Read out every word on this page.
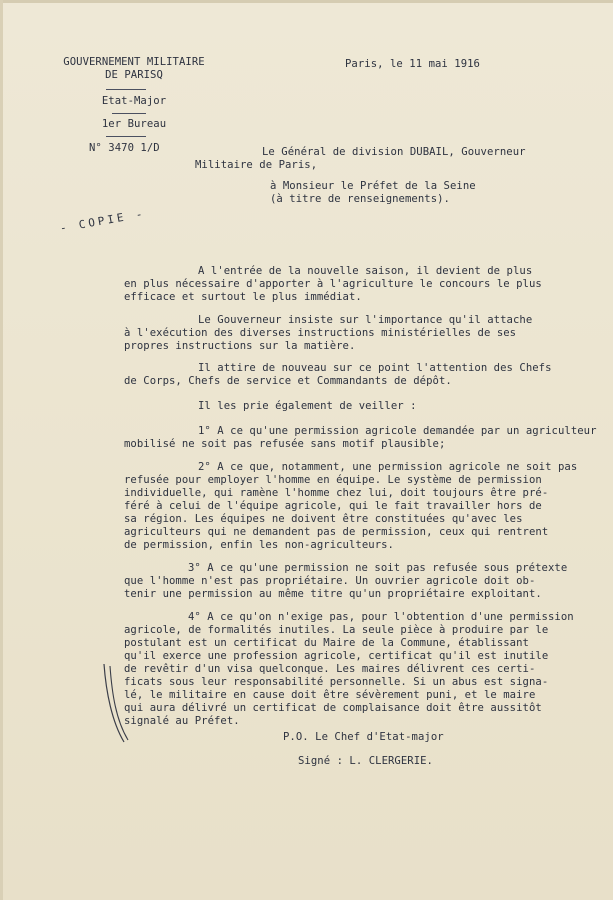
GOUVERNEMENT MILITAIRE
DE PARISQ
Etat-Major
1er Bureau
N° 3470 1/D
Paris, le 11 mai 1916
Le Général de division DUBAIL, Gouverneur
Militaire de Paris,
à Monsieur le Préfet de la Seine
(à titre de renseignements).
- COPIE -
A l'entrée de la nouvelle saison, il devient de plus
en plus nécessaire d'apporter à l'agriculture le concours le plus
efficace et surtout le plus immédiat.
Le Gouverneur insiste sur l'importance qu'il attache
à l'exécution des diverses instructions ministérielles de ses
propres instructions sur la matière.
Il attire de nouveau sur ce point l'attention des Chefs
de Corps, Chefs de service et Commandants de dépôt.
Il les prie également de veiller :
1° A ce qu'une permission agricole demandée par un agriculteur
mobilisé ne soit pas refusée sans motif plausible;
2° A ce que, notamment, une permission agricole ne soit pas
refusée pour employer l'homme en équipe. Le système de permission
individuelle, qui ramène l'homme chez lui, doit toujours être pré-
féré à celui de l'équipe agricole, qui le fait travailler hors de
sa région. Les équipes ne doivent être constituées qu'avec les
agriculteurs qui ne demandent pas de permission, ceux qui rentrent
de permission, enfin les non-agriculteurs.
3° A ce qu'une permission ne soit pas refusée sous prétexte
que l'homme n'est pas propriétaire. Un ouvrier agricole doit ob-
tenir une permission au même titre qu'un propriétaire exploitant.
4° A ce qu'on n'exige pas, pour l'obtention d'une permission
agricole, de formalités inutiles. La seule pièce à produire par le
postulant est un certificat du Maire de la Commune, établissant
qu'il exerce une profession agricole, certificat qu'il est inutile
de revêtir d'un visa quelconque. Les maires délivrent ces certi-
ficats sous leur responsabilité personnelle. Si un abus est signa-
lé, le militaire en cause doit être sévèrement puni, et le maire
qui aura délivré un certificat de complaisance doit être aussitôt
signalé au Préfet.
P.O. Le Chef d'Etat-major
Signé : L. CLERGERIE.
